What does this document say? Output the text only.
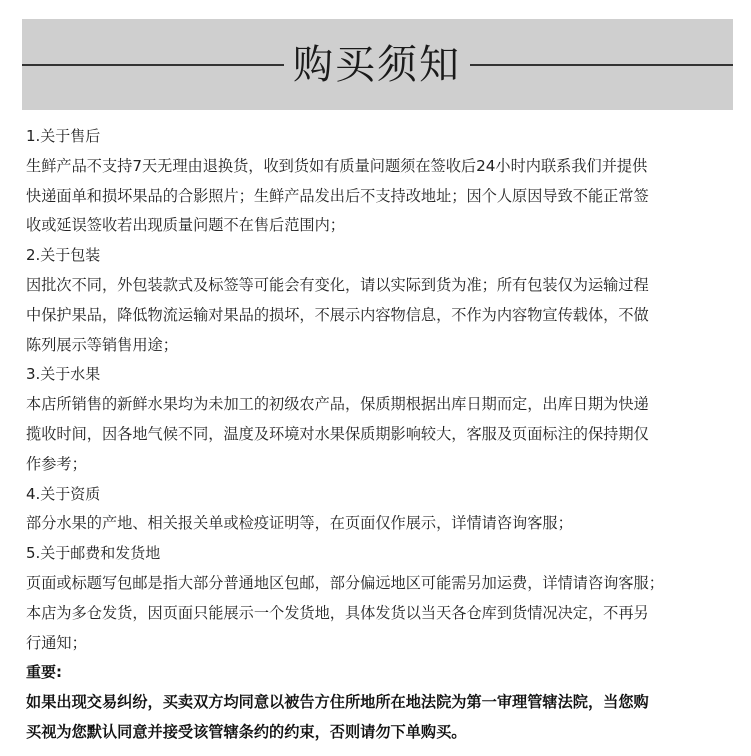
购买须知
1.关于售后
生鲜产品不支持7天无理由退换货，收到货如有质量问题须在签收后24小时内联系我们并提供
快递面单和损坏果品的合影照片；生鲜产品发出后不支持改地址；因个人原因导致不能正常签
收或延误签收若出现质量问题不在售后范围内；
2.关于包装
因批次不同，外包装款式及标签等可能会有变化，请以实际到货为准；所有包装仅为运输过程
中保护果品，降低物流运输对果品的损坏，不展示内容物信息，不作为内容物宣传载体，不做
陈列展示等销售用途；
3.关于水果
本店所销售的新鲜水果均为未加工的初级农产品，保质期根据出库日期而定，出库日期为快递
揽收时间，因各地气候不同，温度及环境对水果保质期影响较大，客服及页面标注的保持期仅
作参考；
4.关于资质
部分水果的产地、相关报关单或检疫证明等，在页面仅作展示，详情请咨询客服；
5.关于邮费和发货地
页面或标题写包邮是指大部分普通地区包邮，部分偏远地区可能需另加运费，详情请咨询客服；
本店为多仓发货，因页面只能展示一个发货地，具体发货以当天各仓库到货情况决定，不再另
行通知；
重要:
如果出现交易纠纷，买卖双方均同意以被告方住所地所在地法院为第一审理管辖法院，当您购
买视为您默认同意并接受该管辖条约的约束，否则请勿下单购买。
